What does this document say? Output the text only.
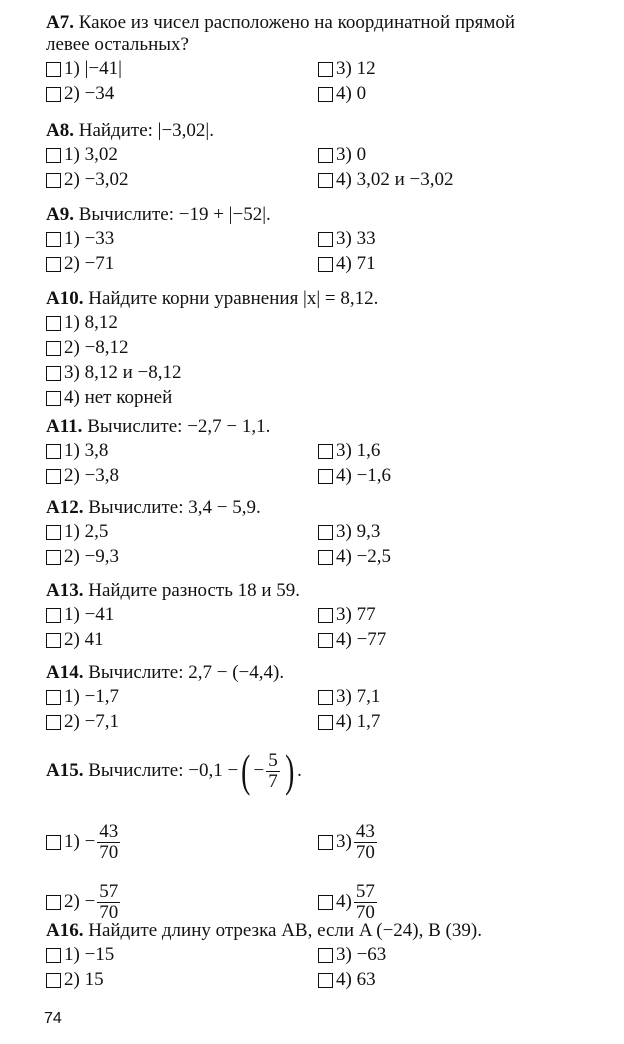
A7. Какое из чисел расположено на координатной прямой
левее остальных?
1) |−41|	3) 12
2) −34	4) 0
A8. Найдите: |−3,02|.
1) 3,02	3) 0
2) −3,02	4) 3,02 и −3,02
A9. Вычислите: −19 + |−52|.
1) −33	3) 33
2) −71	4) 71
A10. Найдите корни уравнения |x| = 8,12.
1) 8,12
2) −8,12
3) 8,12 и −8,12
4) нет корней
A11. Вычислите: −2,7 − 1,1.
1) 3,8	3) 1,6
2) −3,8	4) −1,6
A12. Вычислите: 3,4 − 5,9.
1) 2,5	3) 9,3
2) −9,3	4) −2,5
A13. Найдите разность 18 и 59.
1) −41	3) 77
2) 41	4) −77
A14. Вычислите: 2,7 − (−4,4).
1) −1,7	3) 7,1
2) −7,1	4) 1,7
A15.
Вычислите: −0,1 − ( − $\frac{5}{7}$ ) .
$1) - \frac{43}{70}$	$3) \frac{43}{70}$
$2) - \frac{57}{70}$	$4) \frac{57}{70}$
A16. Найдите длину отрезка AB, если A (−24), B (39).
1) −15	3) −63
2) 15	4) 63
74
